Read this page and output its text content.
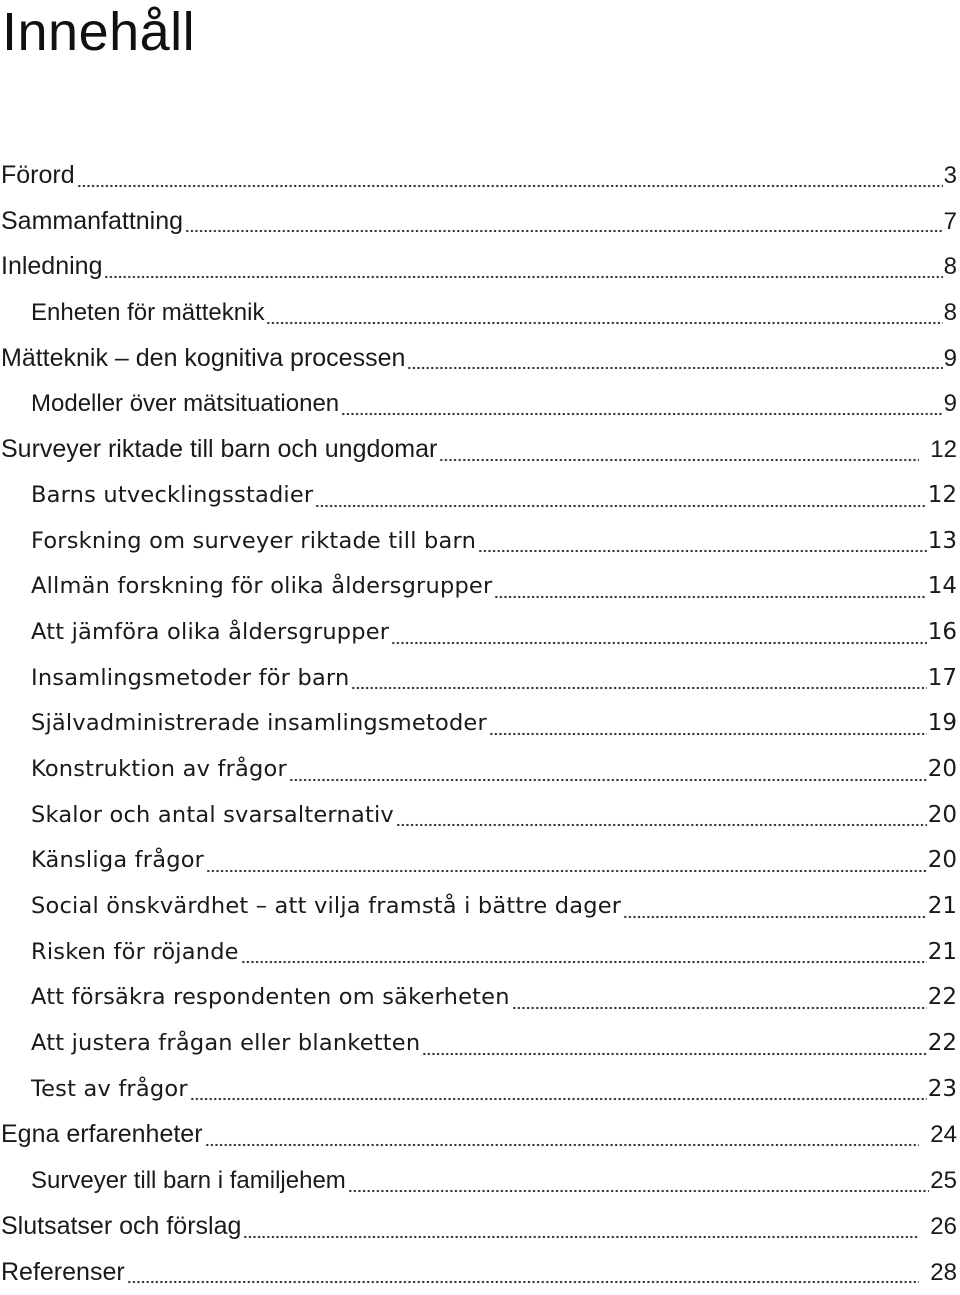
Innehåll
Förord	3
Sammanfattning	7
Inledning	8
Enheten för mätteknik	8
Mätteknik – den kognitiva processen	9
Modeller över mätsituationen	9
Surveyer riktade till barn och ungdomar	12
Barns utvecklingsstadier	12
Forskning om surveyer riktade till barn	13
Allmän forskning för olika åldersgrupper	14
Att jämföra olika åldersgrupper	16
Insamlingsmetoder för barn	17
Självadministrerade insamlingsmetoder	19
Konstruktion av frågor	20
Skalor och antal svarsalternativ	20
Känsliga frågor	20
Social önskvärdhet – att vilja framstå i bättre dager	21
Risken för röjande	21
Att försäkra respondenten om säkerheten	22
Att justera frågan eller blanketten	22
Test av frågor	23
Egna erfarenheter	24
Surveyer till barn i familjehem	25
Slutsatser och förslag	26
Referenser	28
